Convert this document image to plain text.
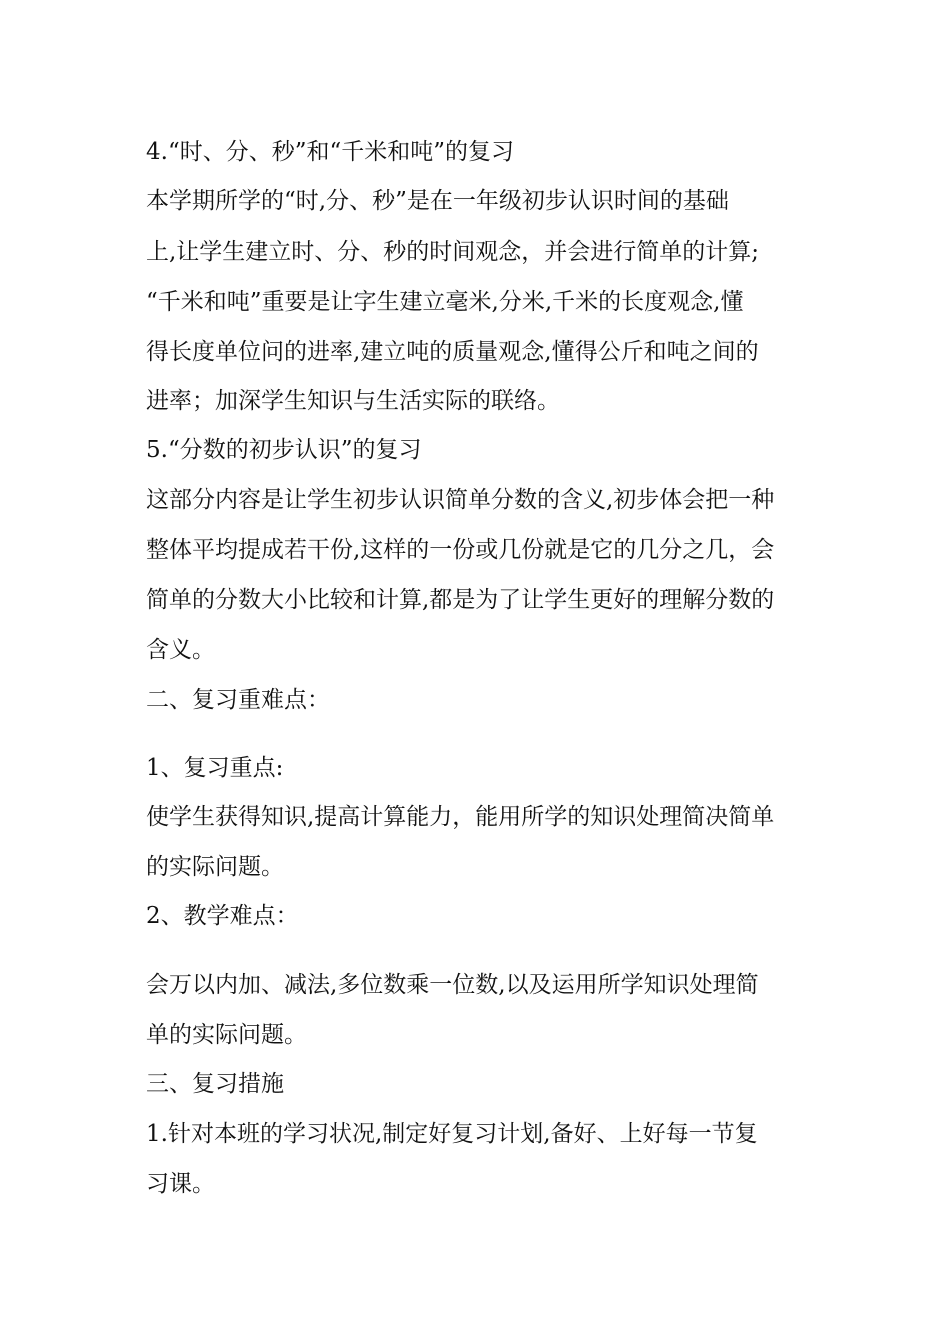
4.“时、分、秒”和“千米和吨”的复习
本学期所学的“时,分、秒”是在一年级初步认识时间的基础
上,让学生建立时、分、秒的时间观念，并会进行简单的计算;
“千米和吨”重要是让字生建立毫米,分米,千米的长度观念,懂
得长度单位问的进率,建立吨的质量观念,懂得公斤和吨之间的
进率；加深学生知识与生活实际的联络。
5.“分数的初步认识”的复习
这部分内容是让学生初步认识简单分数的含义,初步体会把一种
整体平均提成若干份,这样的一份或几份就是它的几分之几，会
简单的分数大小比较和计算,都是为了让学生更好的理解分数的
含义。
二、复习重难点：
1、复习重点:
使学生获得知识,提高计算能力，能用所学的知识处理简决简单
的实际问题。
2、教学难点：
会万以内加、减法,多位数乘一位数,以及运用所学知识处理简
单的实际问题。
三、复习措施
1.针对本班的学习状况,制定好复习计划,备好、上好每一节复
习课。
